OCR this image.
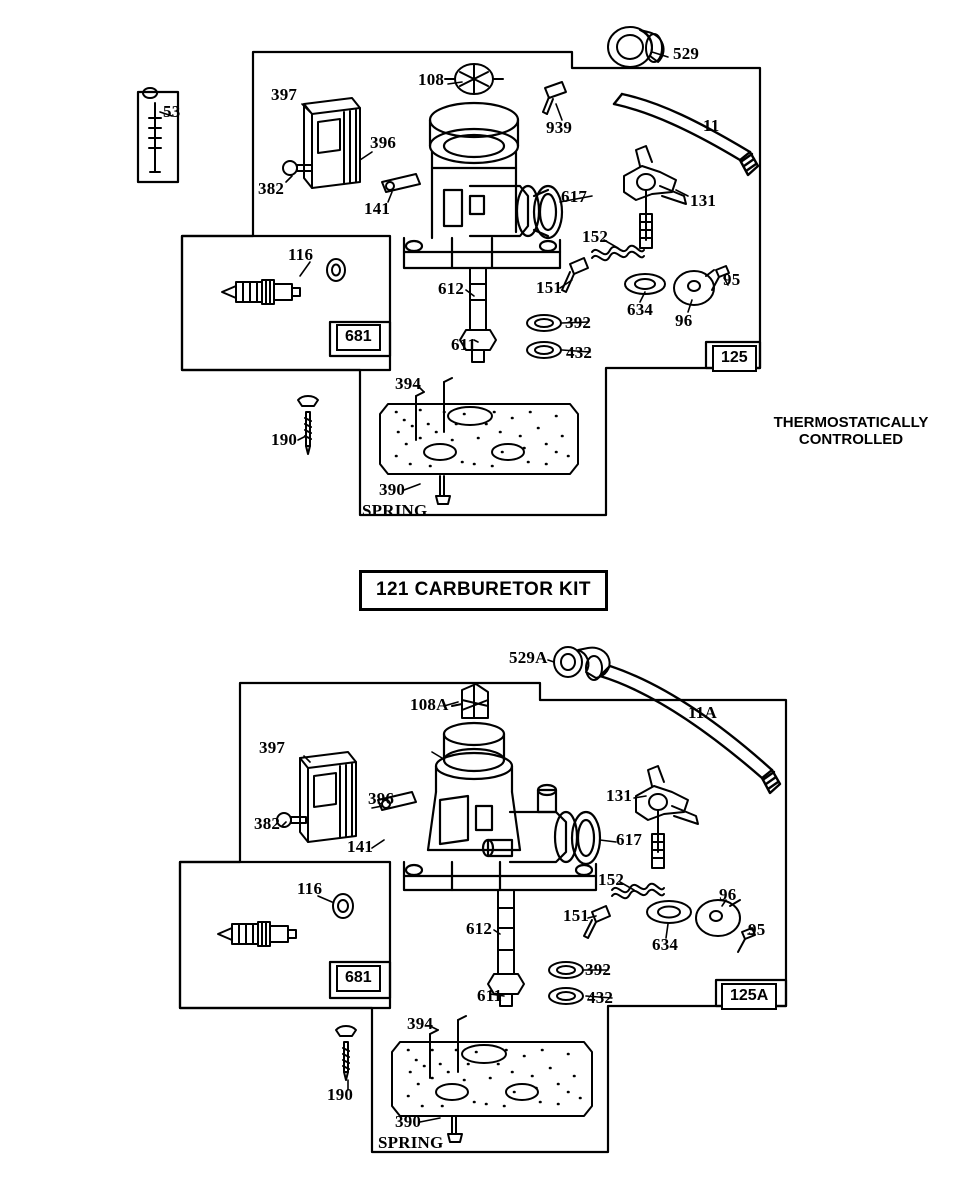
53
397
108
529
939	11
396
382
141	131
617
152
116
151
634
96
95
612
392
432
611
394
190
390
SPRING
681
125
THERMOSTATICALLY
CONTROLLED
121 CARBURETOR KIT
529A
108A	11A
397
396
382
141
131
617
152
116	96
151
95
634
612
392
611	432
394
190
390
SPRING
681
125A
